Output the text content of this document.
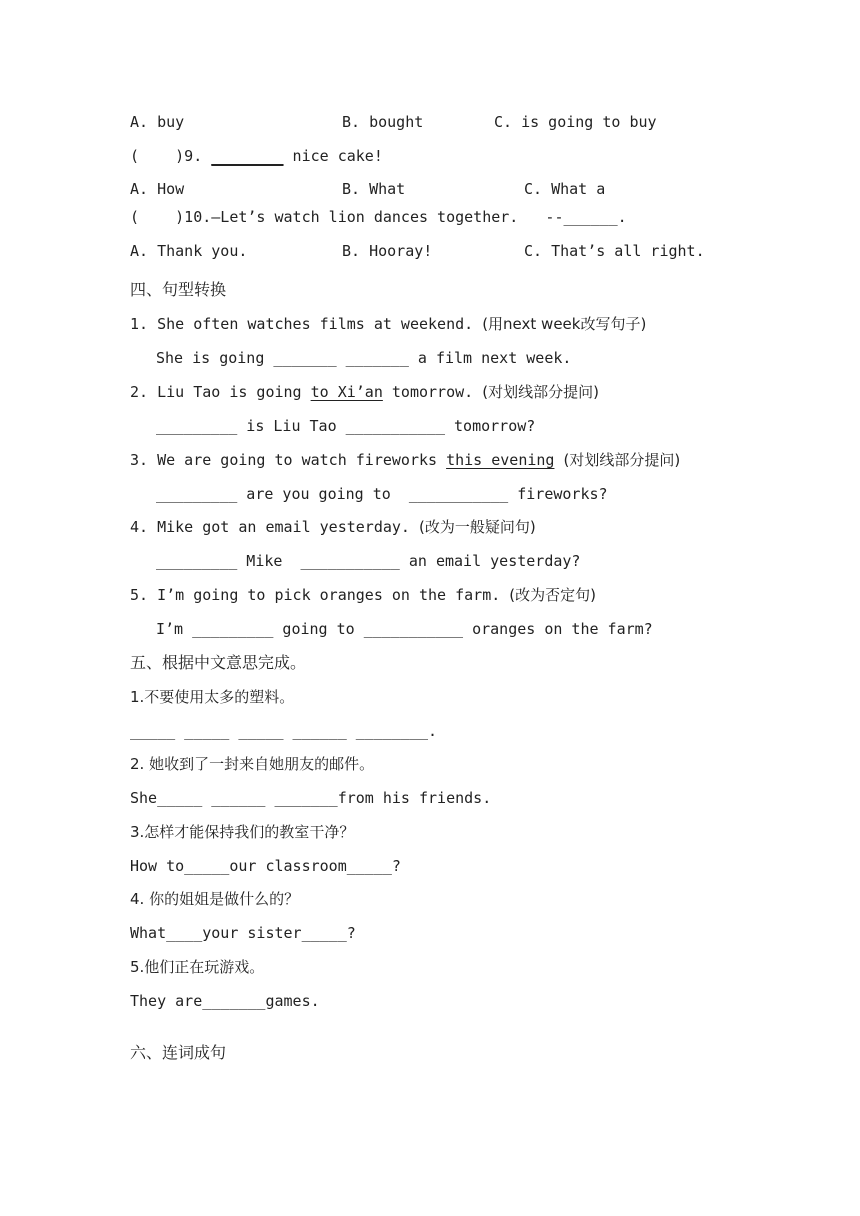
A. buy	B. bought	C. is going to buy
(    )9. ________ nice cake!
A. How	B. What	C. What a
(    )10.—Let’s watch lion dances together.   --______.
A. Thank you.	B. Hooray!	C. That’s all right.
四、句型转换
1. She often watches films at weekend. (用next week改写句子)
She is going _______ _______ a film next week.
2. Liu Tao is going to Xi’an tomorrow. (对划线部分提问)
_________ is Liu Tao ___________ tomorrow?
3. We are going to watch fireworks this evening (对划线部分提问)
_________ are you going to  ___________ fireworks?
4. Mike got an email yesterday. (改为一般疑问句)
_________ Mike  ___________ an email yesterday?
5. I’m going to pick oranges on the farm. (改为否定句)
I’m _________ going to ___________ oranges on the farm?
五、根据中文意思完成。
1.不要使用太多的塑料。
_____ _____ _____ ______ ________.
2. 她收到了一封来自她朋友的邮件。
She_____ ______ _______from his friends.
3.怎样才能保持我们的教室干净？
How to_____our classroom_____?
4. 你的姐姐是做什么的？
What____your sister_____?
5.他们正在玩游戏。
They are_______games.
六、连词成句
